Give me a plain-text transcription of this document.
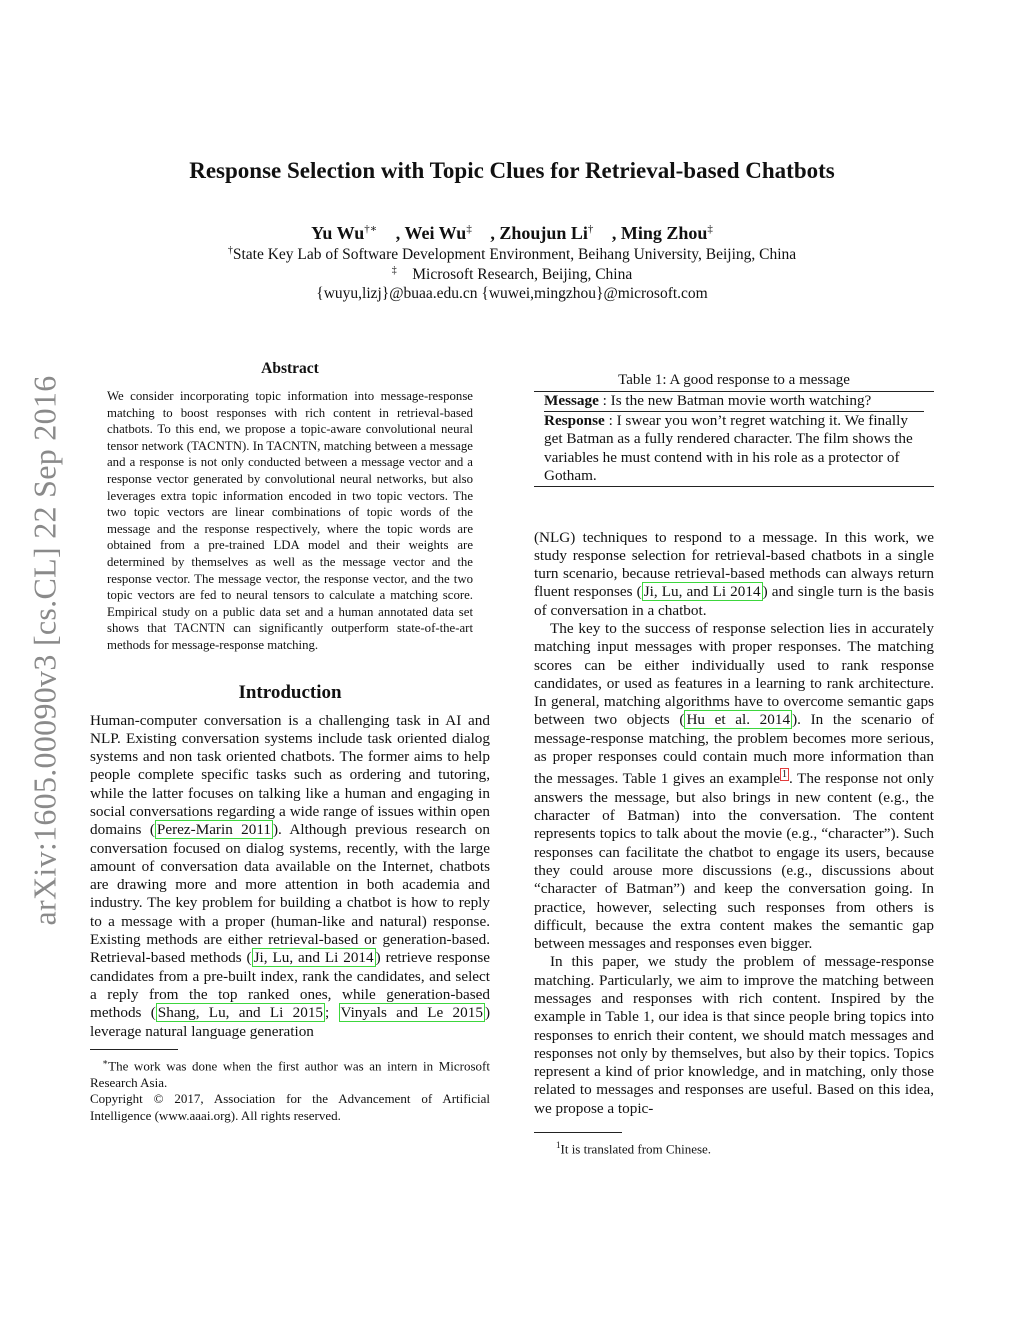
arXiv:1605.00090v3 [cs.CL] 22 Sep 2016
Response Selection with Topic Clues for Retrieval-based Chatbots
Yu Wu†∗ , Wei Wu‡ , Zhoujun Li† , Ming Zhou‡
†State Key Lab of Software Development Environment, Beihang University, Beijing, China
‡ Microsoft Research, Beijing, China
{wuyu,lizj}@buaa.edu.cn {wuwei,mingzhou}@microsoft.com
Abstract

We consider incorporating topic information into message-response matching to boost responses with rich content in retrieval-based chatbots. To this end, we propose a topic-aware convolutional neural tensor network (TACNTN). In TACNTN, matching between a message and a response is not only conducted between a message vector and a response vector generated by convolutional neural networks, but also leverages extra topic information encoded in two topic vectors. The two topic vectors are linear combinations of topic words of the message and the response respectively, where the topic words are obtained from a pre-trained LDA model and their weights are determined by themselves as well as the message vector and the response vector. The message vector, the response vector, and the two topic vectors are fed to neural tensors to calculate a matching score. Empirical study on a public data set and a human annotated data set shows that TACNTN can significantly outperform state-of-the-art methods for message-response matching.

Introduction

Human-computer conversation is a challenging task in AI and NLP. Existing conversation systems include task oriented dialog systems and non task oriented chatbots. The former aims to help people complete specific tasks such as ordering and tutoring, while the latter focuses on talking like a human and engaging in social conversations regarding a wide range of issues within open domains ( Perez-Marin 2011 ). Although previous research on conversation focused on dialog systems, recently, with the large amount of conversation data available on the Internet, chatbots are drawing more and more attention in both academia and industry. The key problem for building a chatbot is how to reply to a message with a proper (human-like and natural) response. Existing methods are either retrieval-based or generation-based. Retrieval-based methods ( Ji, Lu, and Li 2014 ) retrieve response candidates from a pre-built index, rank the candidates, and select a reply from the top ranked ones, while generation-based methods ( Shang, Lu, and Li 2015 ; Vinyals and Le 2015 ) leverage natural language generation

∗The work was done when the first author was an intern in Microsoft Research Asia.

Copyright © 2017, Association for the Advancement of Artificial Intelligence (www.aaai.org). All rights reserved.

Table 1: A good response to a message
Message : Is the new Batman movie worth watching?
Response : I swear you won’t regret watching it. We finally get Batman as a fully rendered character. The film shows the variables he must contend with in his role as a protector of Gotham.

(NLG) techniques to respond to a message. In this work, we study response selection for retrieval-based chatbots in a single turn scenario, because retrieval-based methods can always return fluent responses ( Ji, Lu, and Li 2014 ) and single turn is the basis of conversation in a chatbot.

The key to the success of response selection lies in accurately matching input messages with proper responses. The matching scores can be either individually used to rank response candidates, or used as features in a learning to rank architecture. In general, matching algorithms have to overcome semantic gaps between two objects ( Hu et al. 2014 ). In the scenario of message-response matching, the problem becomes more serious, as proper responses could contain much more information than the messages. Table 1 gives an example $^1$ . The response not only answers the message, but also brings in new content (e.g., the character of Batman) into the conversation. The content represents topics to talk about the movie (e.g., “character”). Such responses can facilitate the chatbot to engage its users, because they could arouse more discussions (e.g., discussions about “character of Batman”) and keep the conversation going. In practice, however, selecting such responses from others is difficult, because the extra content makes the semantic gap between messages and responses even bigger.

In this paper, we study the problem of message-response matching. Particularly, we aim to improve the matching between messages and responses with rich content. Inspired by the example in Table 1, our idea is that since people bring topics into responses to enrich their content, we should match messages and responses not only by themselves, but also by their topics. Topics represent a kind of prior knowledge, and in matching, only those related to messages and responses are useful. Based on this idea, we propose a topic-

$^1$It is translated from Chinese.
